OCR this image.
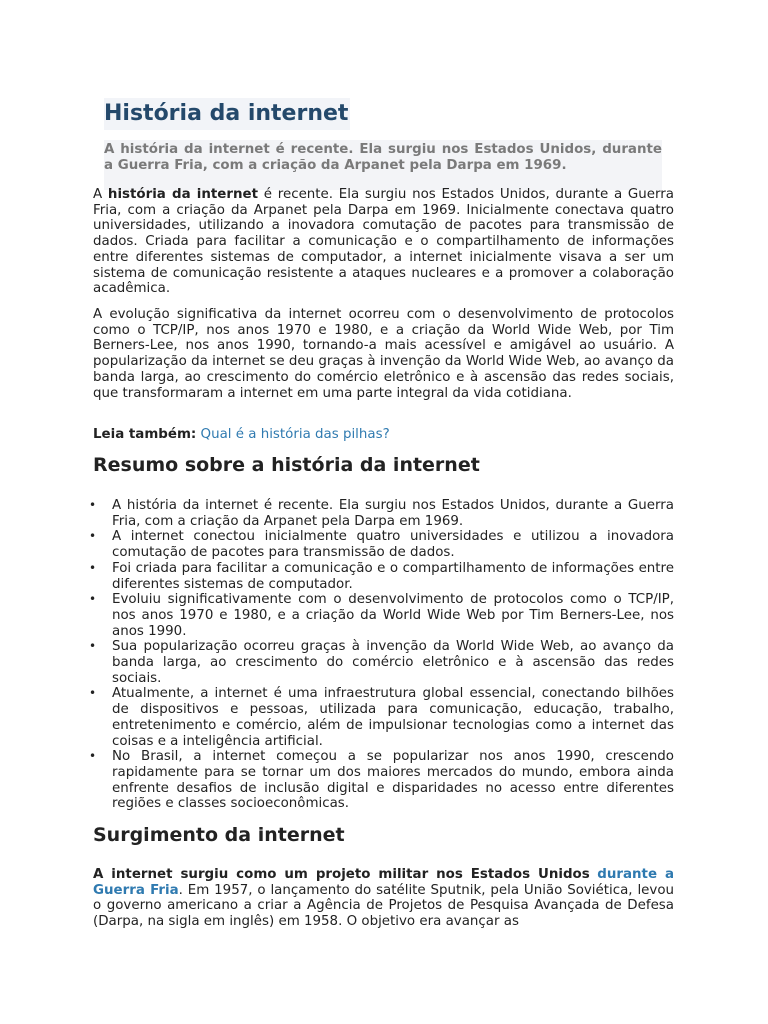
História da internet
A história da internet é recente. Ela surgiu nos Estados Unidos, durante a Guerra Fria, com a criação da Arpanet pela Darpa em 1969.

A história da internet é recente. Ela surgiu nos Estados Unidos, durante a Guerra Fria, com a criação da Arpanet pela Darpa em 1969. Inicialmente conectava quatro universidades, utilizando a inovadora comutação de pacotes para transmissão de dados. Criada para facilitar a comunicação e o compartilhamento de informações entre diferentes sistemas de computador, a internet inicialmente visava a ser um sistema de comunicação resistente a ataques nucleares e a promover a colaboração acadêmica.

A evolução significativa da internet ocorreu com o desenvolvimento de protocolos como o TCP/IP, nos anos 1970 e 1980, e a criação da World Wide Web, por Tim Berners-Lee, nos anos 1990, tornando-a mais acessível e amigável ao usuário. A popularização da internet se deu graças à invenção da World Wide Web, ao avanço da banda larga, ao crescimento do comércio eletrônico e à ascensão das redes sociais, que transformaram a internet em uma parte integral da vida cotidiana.

Leia também: Qual é a história das pilhas?

Resumo sobre a história da internet
• A história da internet é recente. Ela surgiu nos Estados Unidos, durante a Guerra Fria, com a criação da Arpanet pela Darpa em 1969.
• A internet conectou inicialmente quatro universidades e utilizou a inovadora comutação de pacotes para transmissão de dados.
• Foi criada para facilitar a comunicação e o compartilhamento de informações entre diferentes sistemas de computador.
• Evoluiu significativamente com o desenvolvimento de protocolos como o TCP/IP, nos anos 1970 e 1980, e a criação da World Wide Web por Tim Berners-Lee, nos anos 1990.
• Sua popularização ocorreu graças à invenção da World Wide Web, ao avanço da banda larga, ao crescimento do comércio eletrônico e à ascensão das redes sociais.
• Atualmente, a internet é uma infraestrutura global essencial, conectando bilhões de dispositivos e pessoas, utilizada para comunicação, educação, trabalho, entretenimento e comércio, além de impulsionar tecnologias como a internet das coisas e a inteligência artificial.
• No Brasil, a internet começou a se popularizar nos anos 1990, crescendo rapidamente para se tornar um dos maiores mercados do mundo, embora ainda enfrente desafios de inclusão digital e disparidades no acesso entre diferentes regiões e classes socioeconômicas.
Surgimento da internet

A internet surgiu como um projeto militar nos Estados Unidos durante a Guerra Fria. Em 1957, o lançamento do satélite Sputnik, pela União Soviética, levou o governo americano a criar a Agência de Projetos de Pesquisa Avançada de Defesa (Darpa, na sigla em inglês) em 1958. O objetivo era avançar as
